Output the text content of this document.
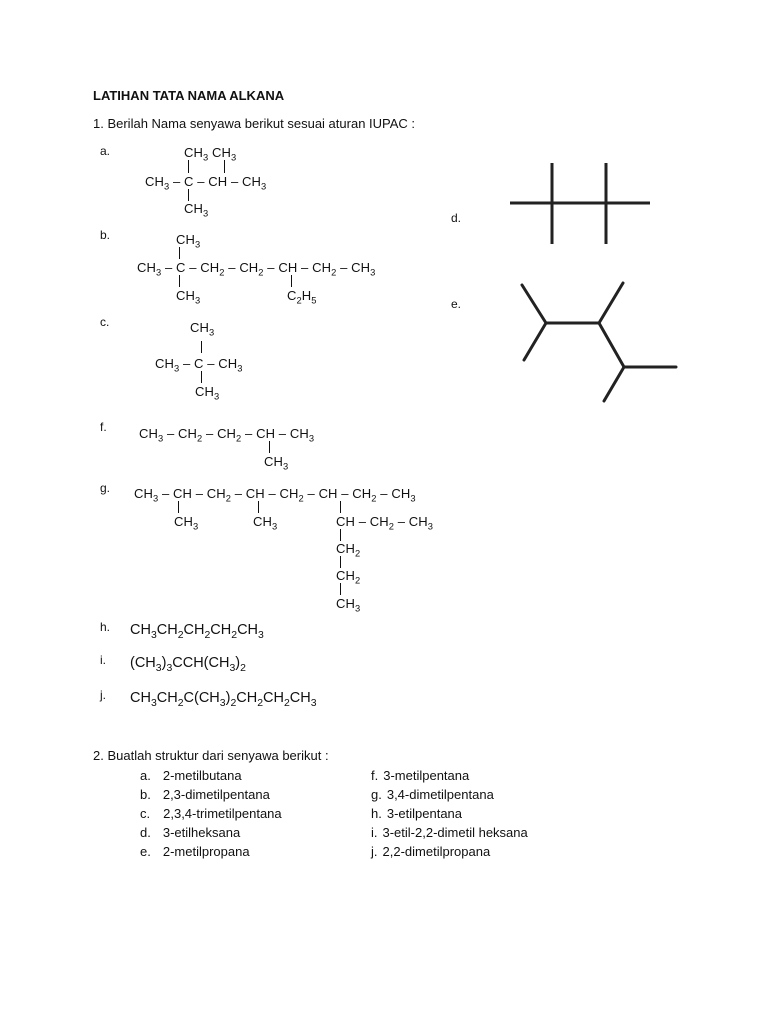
LATIHAN TATA NAMA ALKANA
1. Berilah Nama senyawa berikut sesuai aturan IUPAC :
a.
b.
c.
d.
e.
f.
g.
h.
i.
j.
$CH_3$ $CH_3$
$CH_3$ – C – CH – $CH_3$
$CH_3$
$CH_3$
$CH_3$ – C – $CH_2 - CH_2$ – CH – $CH_2 - CH_3$
$CH_3$	$C_2H_5$
$CH_3$
$CH_3$ – C – $CH_3$
$CH_3$
$CH_3 - CH_2 - CH_2$ – CH – $CH_3$
$CH_3$
$CH_3$ – CH – $CH_2$ – CH – $CH_2$ – CH – $CH_2 - CH_3$
$CH_3$	$CH_3$	CH – $CH_2 - CH_3$
$CH_2$
$CH_2$
$CH_3$
$CH_3CH_2CH_2CH_2CH_3$
$(CH_3)_3CCH(CH_3)_2$
$CH_3CH_2C(CH_3)_2CH_2CH_2CH_3$
2. Buatlah struktur dari senyawa berikut :
a. 2-metilbutana
b. 2,3-dimetilpentana
c. 2,3,4-trimetilpentana
d. 3-etilheksana
e. 2-metilpropana
f. 3-metilpentana
g. 3,4-dimetilpentana
h. 3-etilpentana
i. 3-etil-2,2-dimetil heksana
j. 2,2-dimetilpropana
